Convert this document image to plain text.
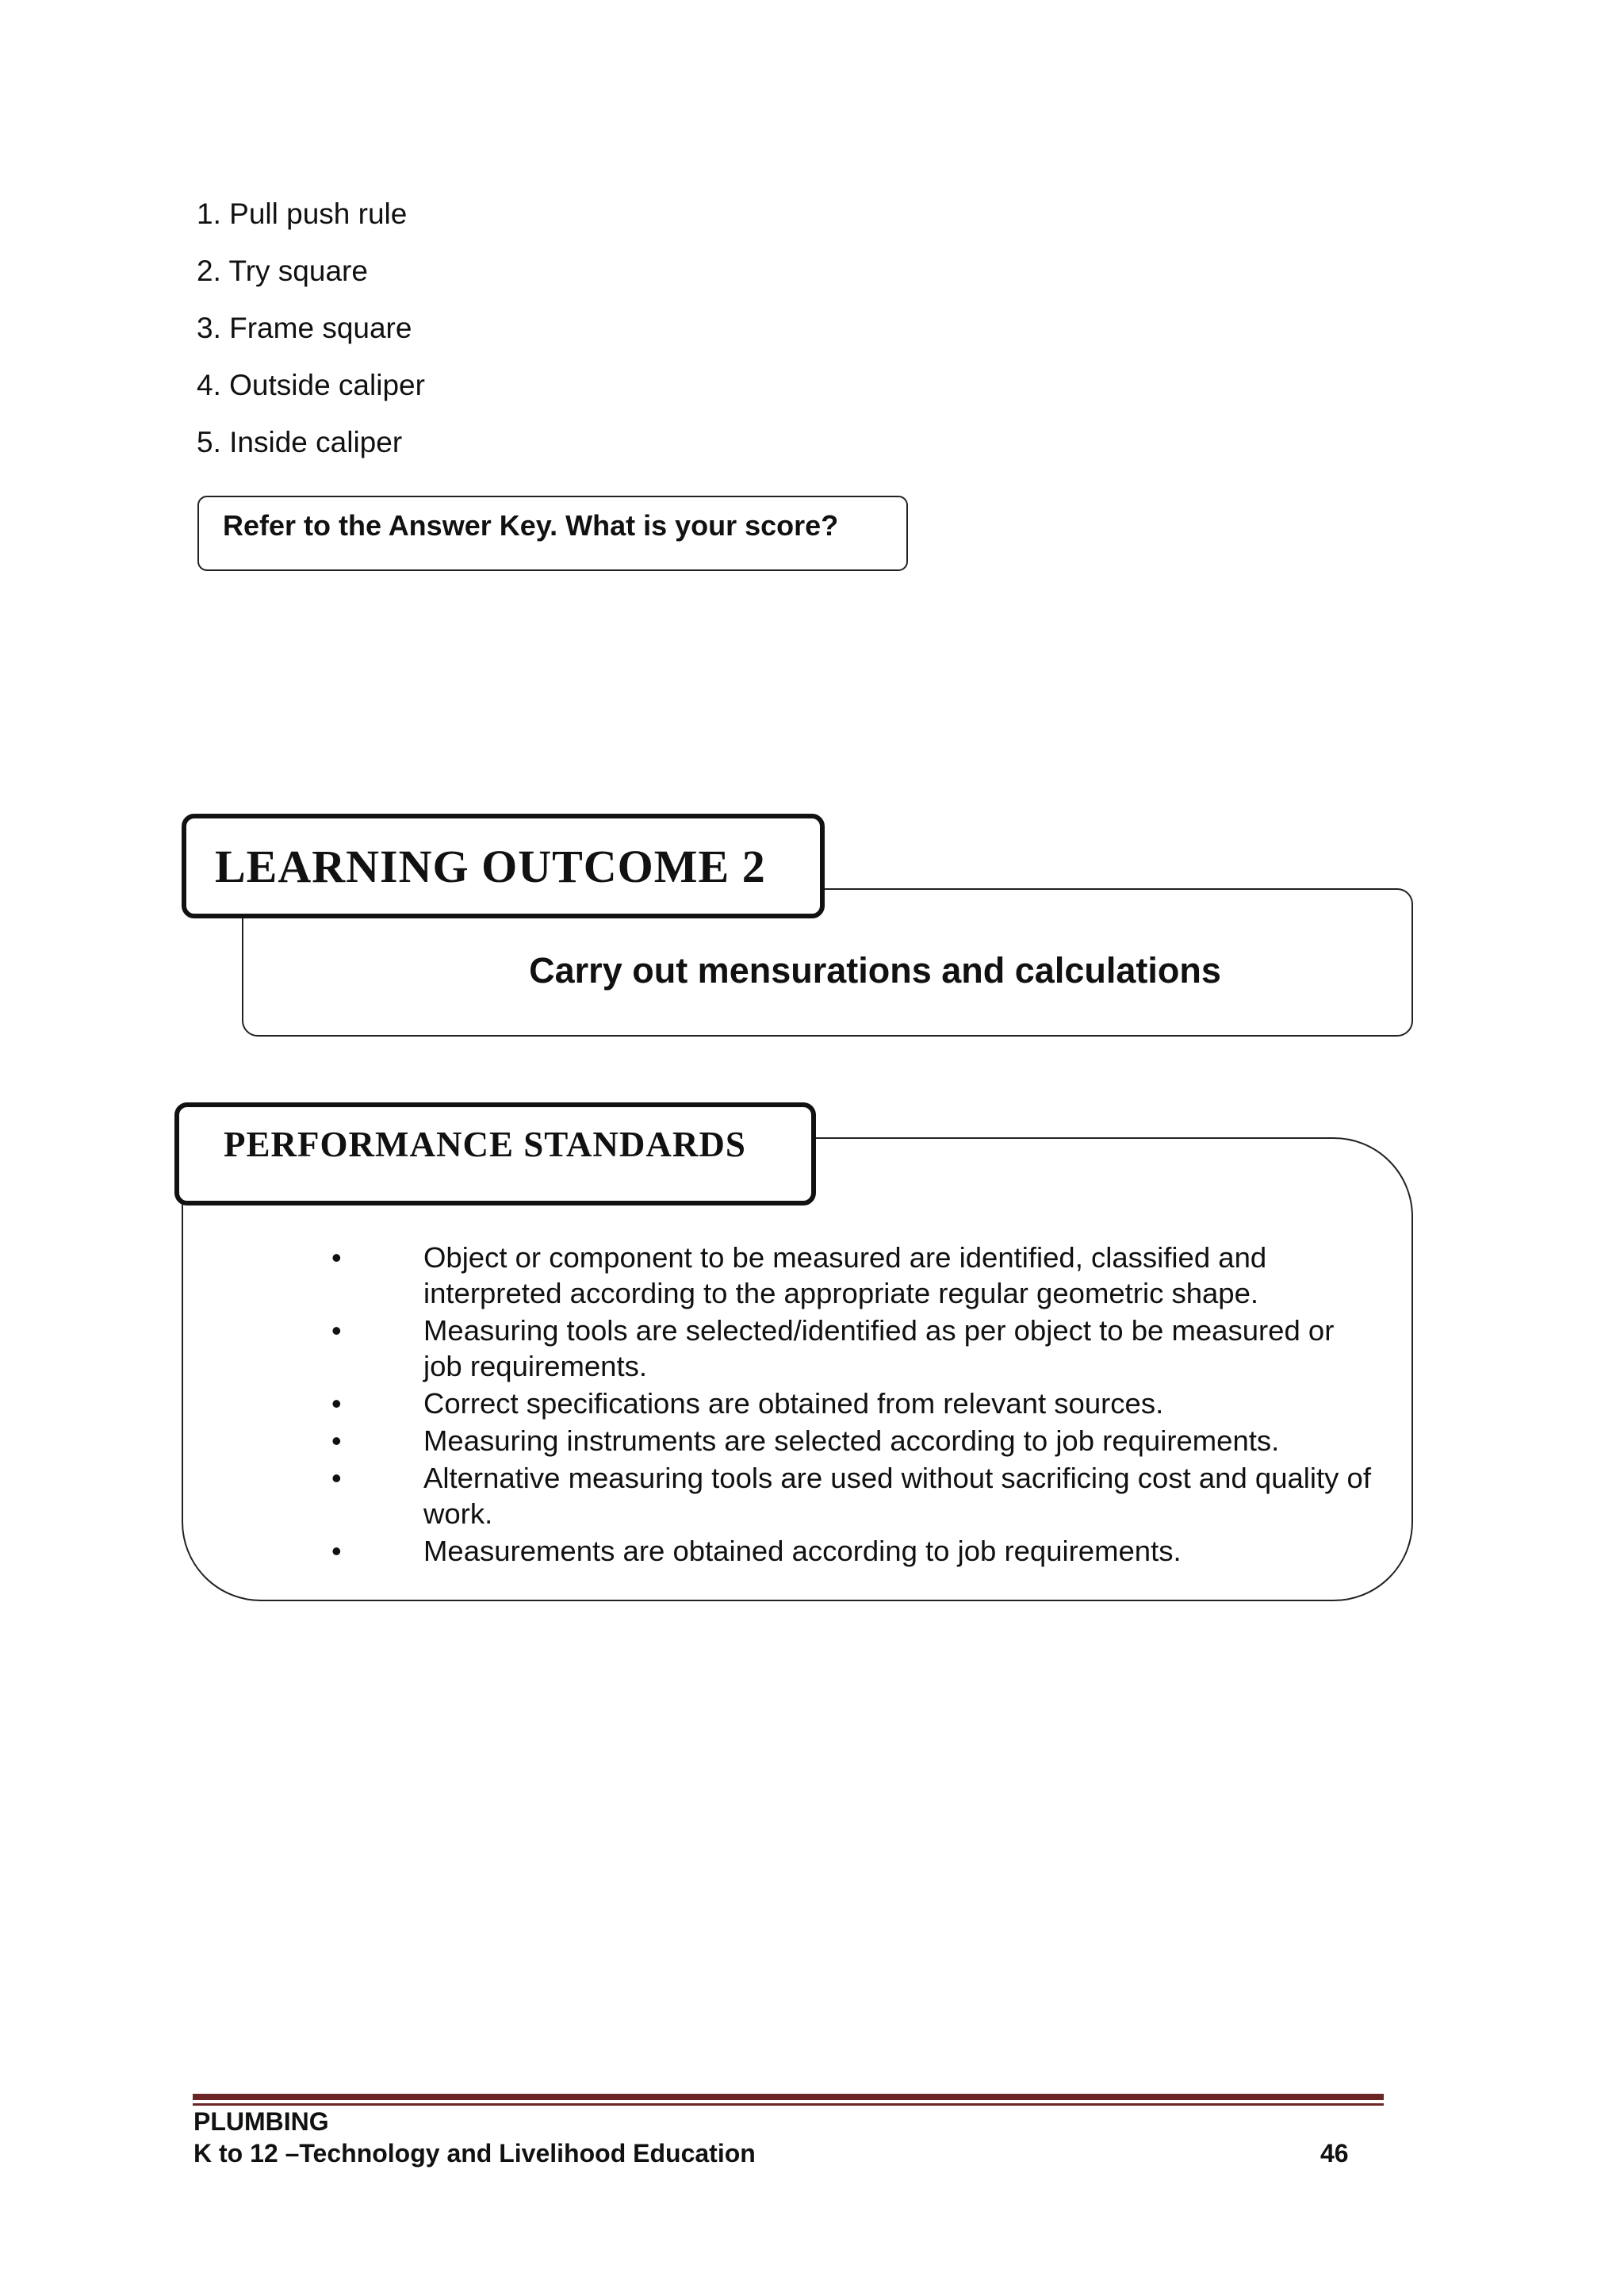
1. Pull push rule
2. Try square
3. Frame square
4. Outside caliper
5. Inside caliper
Refer to the Answer Key. What is your score?
Carry out mensurations and calculations
LEARNING OUTCOME 2
PERFORMANCE STANDARDS
•	Object or component to be measured are identified, classified and interpreted according to the appropriate regular geometric shape.
•	Measuring tools are selected/identified as per object to be measured or job requirements.
•	Correct specifications are obtained from relevant sources.
•	Measuring instruments are selected according to job requirements.
•	Alternative measuring tools are used without sacrificing cost and quality of work.
•	Measurements are obtained according to job requirements.
PLUMBING
K to 12 –Technology and Livelihood Education	46
